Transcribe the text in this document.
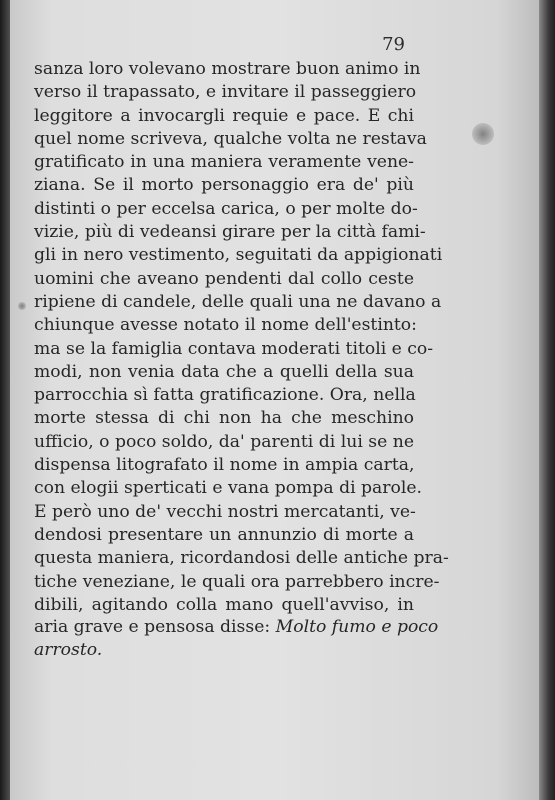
79
sanza loro volevano mostrare buon animo in
verso il trapassato, e invitare il passeggiero
leggitore a invocargli requie e pace. E chi
quel nome scriveva, qualche volta ne restava
gratificato in una maniera veramente vene-
ziana. Se il morto personaggio era de' più
distinti o per eccelsa carica, o per molte do-
vizie, più di vedeansi girare per la città fami-
gli in nero vestimento, seguitati da appigionati
uomini che aveano pendenti dal collo ceste
ripiene di candele, delle quali una ne davano a
chiunque avesse notato il nome dell'estinto:
ma se la famiglia contava moderati titoli e co-
modi, non venia data che a quelli della sua
parrocchia sì fatta gratificazione. Ora, nella
morte stessa di chi non ha che meschino
ufficio, o poco soldo, da' parenti di lui se ne
dispensa litografato il nome in ampia carta,
con elogii sperticati e vana pompa di parole.
E però uno de' vecchi nostri mercatanti, ve-
dendosi presentare un annunzio di morte a
questa maniera, ricordandosi delle antiche pra-
tiche veneziane, le quali ora parrebbero incre-
dibili, agitando colla mano quell'avviso, in
aria grave e pensosa disse: Molto fumo e poco
arrosto.
